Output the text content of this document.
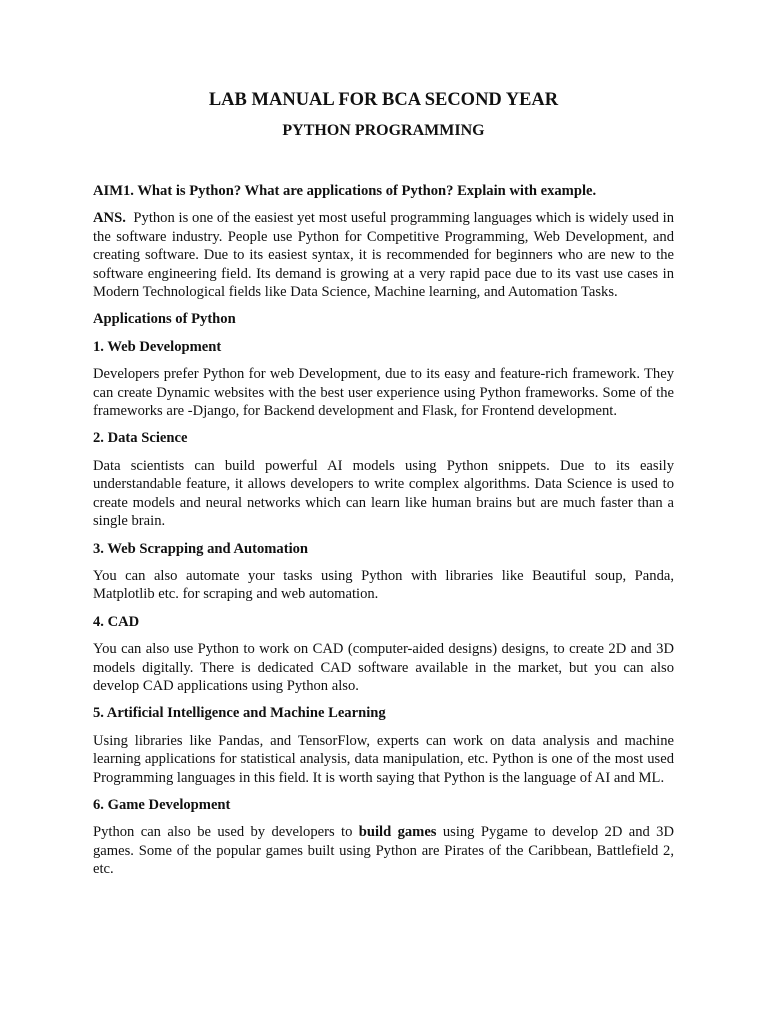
LAB MANUAL FOR BCA SECOND YEAR
PYTHON PROGRAMMING

AIM1. What is Python? What are applications of Python? Explain with example.

ANS. Python is one of the easiest yet most useful programming languages which is widely used in the software industry. People use Python for Competitive Programming, Web Development, and creating software. Due to its easiest syntax, it is recommended for beginners who are new to the software engineering field. Its demand is growing at a very rapid pace due to its vast use cases in Modern Technological fields like Data Science, Machine learning, and Automation Tasks.

Applications of Python

1. Web Development

Developers prefer Python for web Development, due to its easy and feature-rich framework. They can create Dynamic websites with the best user experience using Python frameworks. Some of the frameworks are -Django, for Backend development and Flask, for Frontend development.

2. Data Science

Data scientists can build powerful AI models using Python snippets. Due to its easily understandable feature, it allows developers to write complex algorithms. Data Science is used to create models and neural networks which can learn like human brains but are much faster than a single brain.

3. Web Scrapping and Automation

You can also automate your tasks using Python with libraries like Beautiful soup, Panda, Matplotlib etc. for scraping and web automation.

4. CAD

You can also use Python to work on CAD (computer-aided designs) designs, to create 2D and 3D models digitally. There is dedicated CAD software available in the market, but you can also develop CAD applications using Python also.

5. Artificial Intelligence and Machine Learning

Using libraries like Pandas, and TensorFlow, experts can work on data analysis and machine learning applications for statistical analysis, data manipulation, etc. Python is one of the most used Programming languages in this field. It is worth saying that Python is the language of AI and ML.

6. Game Development

Python can also be used by developers to build games using Pygame to develop 2D and 3D games. Some of the popular games built using Python are Pirates of the Caribbean, Battlefield 2, etc.
